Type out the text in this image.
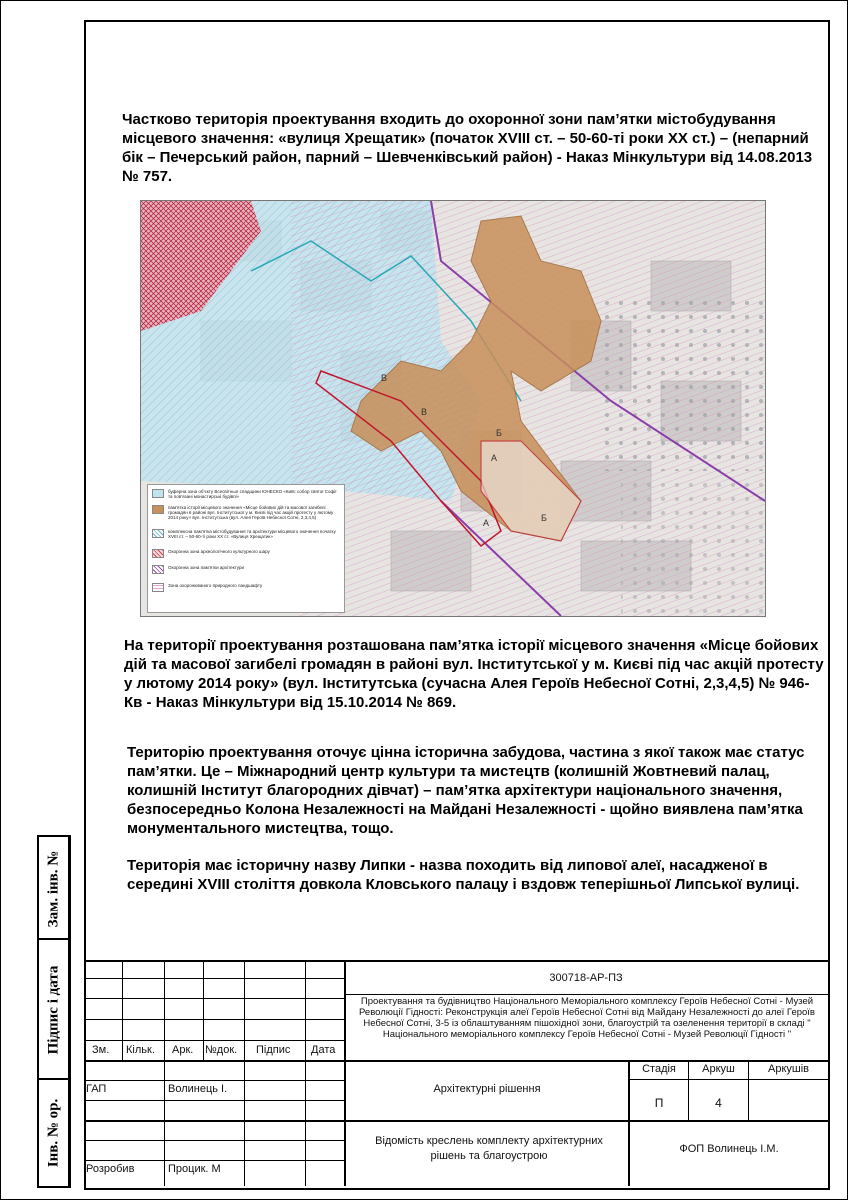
Частково територія проектування входить до охоронної зони пам’ятки містобудування місцевого значення: «вулиця Хрещатик» (початок XVIII ст. – 50-60-ті роки XX ст.) – (непарний бік – Печерський район, парний – Шевченківський район) - Наказ Мінкультури від 14.08.2013 № 757.

А
Б
В
А
Б
В
буферна зона об’єкту Всесвітньої спадщини ЮНЕСКО «Київ: собор святої Софії та пов’язані монастирські будівлі»
пам’ятка історії місцевого значення «Місце бойових дій та масової загибелі громадян в районі вул. Інститутської у м. Києві під час акцій протесту у лютому 2014 року» вул. Інститутська (вул. Алея Героїв Небесної Сотні, 2,3,4,5)
комплексна пам’ятка містобудування та архітектури місцевого значення початку XVIII ст. – 50-60-ті роки XX ст. «Вулиця Хрещатик»
Охоронна зона археологічного культурного шару
Охоронна зона пам’ятки архітектури
Зона охоронюваного природного ландшафту

На території проектування розташована пам’ятка історії місцевого значення «Місце бойових дій та масової загибелі громадян в районі вул. Інститутської у м. Києві під час акцій протесту у лютому 2014 року» (вул. Інститутська (сучасна Алея Героїв Небесної Сотні, 2,3,4,5) № 946-Кв - Наказ Мінкультури від 15.10.2014 № 869.

Територію проектування оточує цінна історична забудова, частина з якої також має статус пам’ятки. Це – Міжнародний центр культури та мистецтв (колишній Жовтневий палац, колишній Інститут благородних дівчат) – пам’ятка архітектури національного значення, безпосередньо Колона Незалежності на Майдані Незалежності - щойно виявлена пам’ятка монументального мистецтва, тощо.

Територія має історичну назву Липки - назва походить від липової алеї, насадженої в середині XVIII століття довкола Кловського палацу і вздовж теперішньої Липської вулиці.

Зам. інв. №
Підпис і дата
Інв. № ор.
300718-АР-ПЗ
Проектування та будівництво Національного Меморіального комплексу Героїв Небесної Сотні - Музей Революції Гідності: Реконструкція алеї Героїв Небесної Сотні від Майдану Незалежності до алеї Героїв Небесної Сотні, 3-5 із облаштуванням пішохідної зони, благоустрій та озеленення території в складі " Національного меморіального комплексу Героїв Небесної Сотні - Музей Революції Гідності "
Зм. Кільк. Арк. №док. Підпис Дата
ГАП	Волинець І.
Розробив	Процик. М
Стадія	Аркуш	Аркушів
П	4
Архітектурні рішення
Відомість креслень комплекту архітектурних рішень та благоустрою
ФОП Волинець І.М.
